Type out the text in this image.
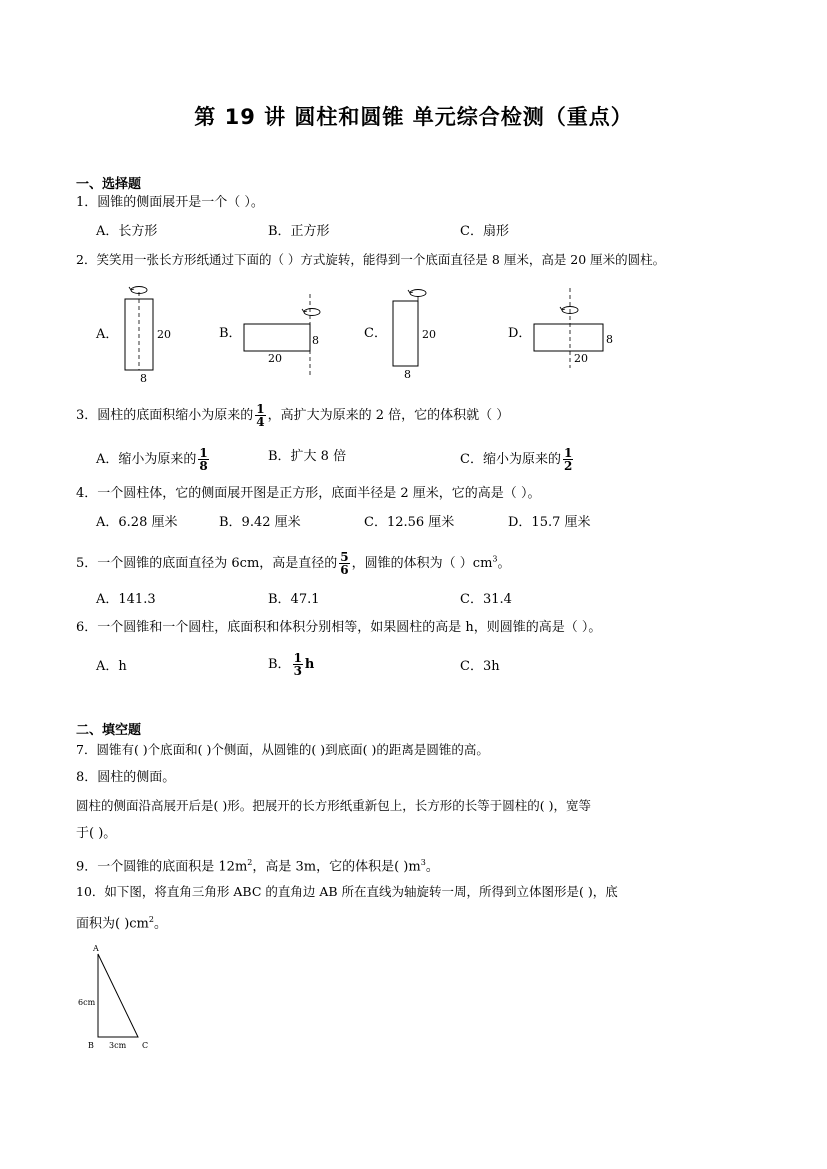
第 19 讲 圆柱和圆锥 单元综合检测（重点）
一、选择题
1．圆锥的侧面展开是一个（ ）。
A．长方形	B．正方形	C．扇形
2．笑笑用一张长方形纸通过下面的（ ）方式旋转，能得到一个底面直径是 8 厘米，高是 20 厘米的圆柱。
A．	B．	C．	D．
20
8
8
20
20
8
8
20
3．圆柱的底面积缩小为原来的 $\frac{1}{4}$ ，高扩大为原来的 2 倍，它的体积就（ ）
A．缩小为原来的 $\frac{1}{8}$	B．扩大 8 倍	C．缩小为原来的 $\frac{1}{2}$
4．一个圆柱体，它的侧面展开图是正方形，底面半径是 2 厘米，它的高是（ ）。
A．6.28 厘米	B．9.42 厘米	C．12.56 厘米	D．15.7 厘米
5．一个圆锥的底面直径为 6cm，高是直径的 $\frac{5}{6}$ ，圆锥的体积为（ ）$cm^3$。
A．141.3	B．47.1	C．31.4
6．一个圆锥和一个圆柱，底面积和体积分别相等，如果圆柱的高是 h，则圆锥的高是（ ）。
A．h	B． $\frac{1}{3}$ h	C．3h
二、填空题
7．圆锥有( )个底面和( )个侧面，从圆锥的( )到底面( )的距离是圆锥的高。
8．圆柱的侧面。
圆柱的侧面沿高展开后是( )形。把展开的长方形纸重新包上，长方形的长等于圆柱的( )，宽等
于( )。
9．一个圆锥的底面积是 $12m^2$，高是 3m，它的体积是( )$m^3$。
10．如下图，将直角三角形 ABC 的直角边 AB 所在直线为轴旋转一周，所得到立体图形是( )，底
面积为( )$cm^2$。
A
B	C
6cm
3cm
